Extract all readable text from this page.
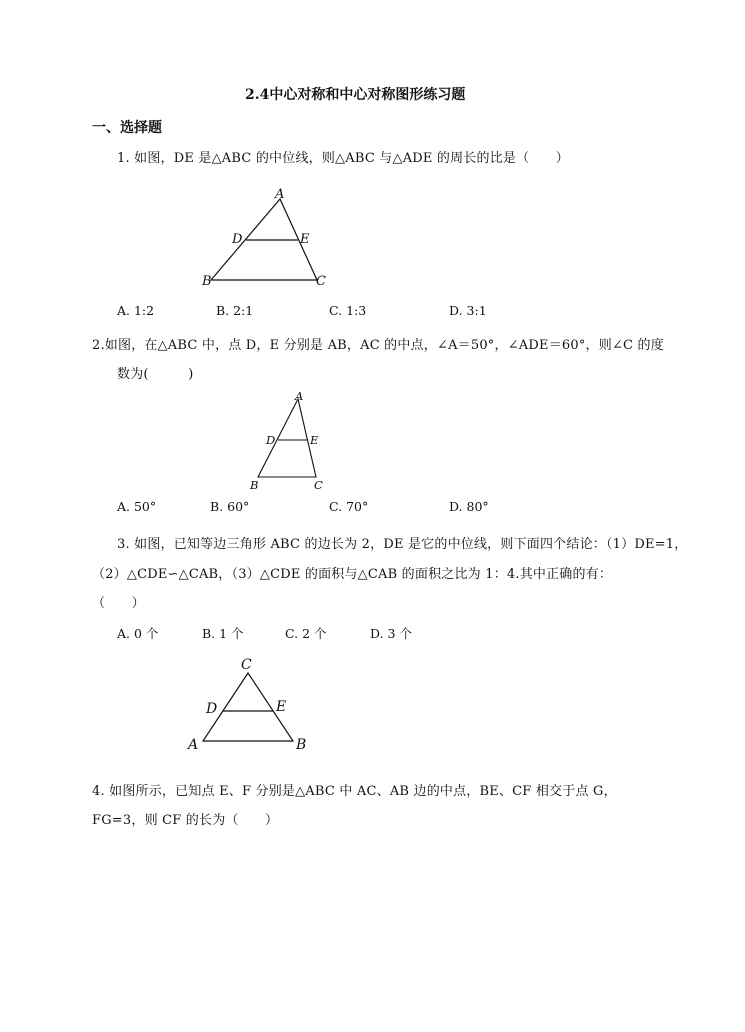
2.4中心对称和中心对称图形练习题
一、选择题
1. 如图，DE 是△ABC 的中位线，则△ABC 与△ADE 的周长的比是（　　）
A
B	C
D	E
A. 1:2	B. 2:1	C. 1:3	D. 3:1
2.如图，在△ABC 中，点 D，E 分别是 AB，AC 的中点，∠A＝50°，∠ADE＝60°，则∠C 的度
数为(　　　)
A
B	C
D	E
A. 50°	B. 60°	C. 70°	D. 80°
3. 如图，已知等边三角形 ABC 的边长为 2，DE 是它的中位线，则下面四个结论：（1）DE=1，
（2）△CDE∽△CAB，（3）△CDE 的面积与△CAB 的面积之比为 1：4.其中正确的有：
（　　）
A. 0 个	B. 1 个	C. 2 个	D. 3 个
C
D	E
A	B
4. 如图所示，已知点 E、F 分别是△ABC 中 AC、AB 边的中点，BE、CF 相交于点 G，
FG=3，则 CF 的长为（　　）
